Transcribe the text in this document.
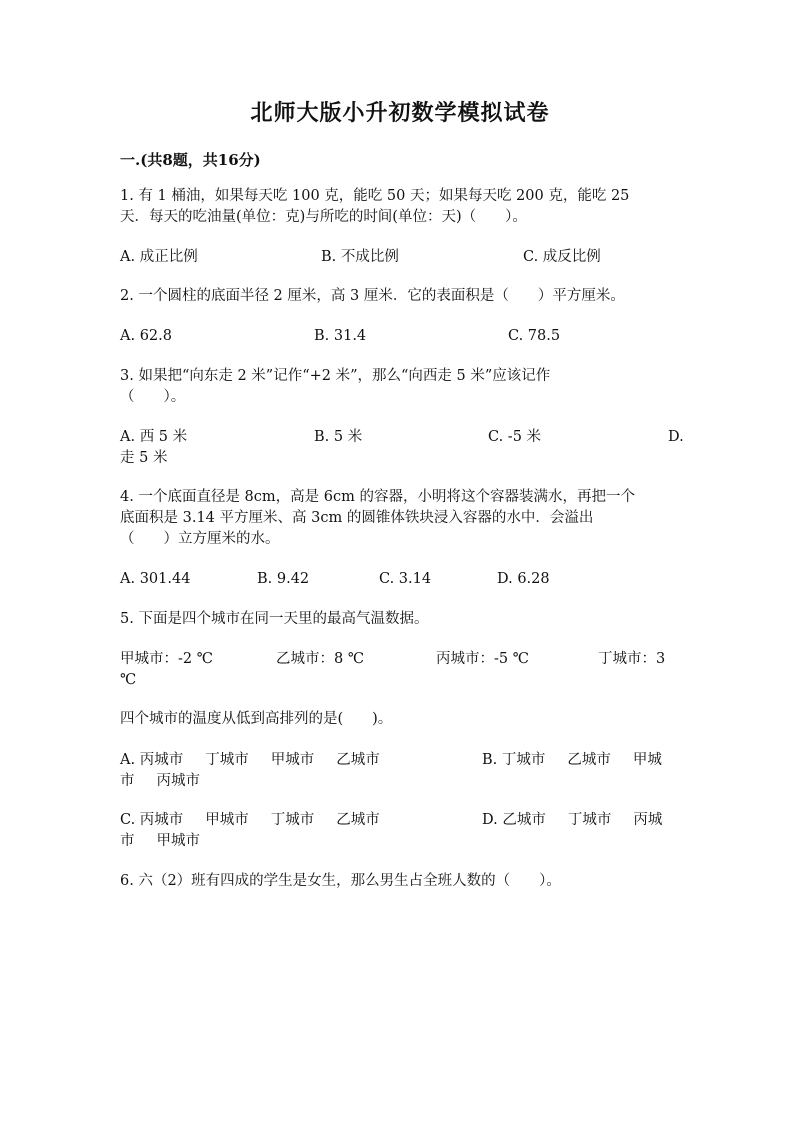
北师大版小升初数学模拟试卷
一.(共8题，共16分)
1. 有 1 桶油，如果每天吃 100 克，能吃 50 天；如果每天吃 200 克，能吃 25
天．每天的吃油量(单位：克)与所吃的时间(单位：天)（　　）。
A. 成正比例	B. 不成比例	C. 成反比例
2. 一个圆柱的底面半径 2 厘米，高 3 厘米．它的表面积是（　　）平方厘米。
A. 62.8	B. 31.4	C. 78.5
3. 如果把“向东走 2 米”记作“+2 米”，那么“向西走 5 米”应该记作
（　　）。
A. 西 5 米	B. 5 米	C. -5 米	D.
走 5 米
4. 一个底面直径是 8cm，高是 6cm 的容器，小明将这个容器装满水，再把一个
底面积是 3.14 平方厘米、高 3cm 的圆锥体铁块浸入容器的水中．会溢出
（　　）立方厘米的水。
A. 301.44	B. 9.42	C. 3.14	D. 6.28
5. 下面是四个城市在同一天里的最高气温数据。
甲城市：-2 ℃	乙城市：8 ℃	丙城市：-5 ℃	丁城市：3
℃
四个城市的温度从低到高排列的是(　　)。
A. 丙城市 丁城市 甲城市 乙城市	B. 丁城市 乙城市 甲城
市 丙城市
C. 丙城市 甲城市 丁城市 乙城市	D. 乙城市 丁城市 丙城
市 甲城市
6. 六（2）班有四成的学生是女生，那么男生占全班人数的（　　）。
